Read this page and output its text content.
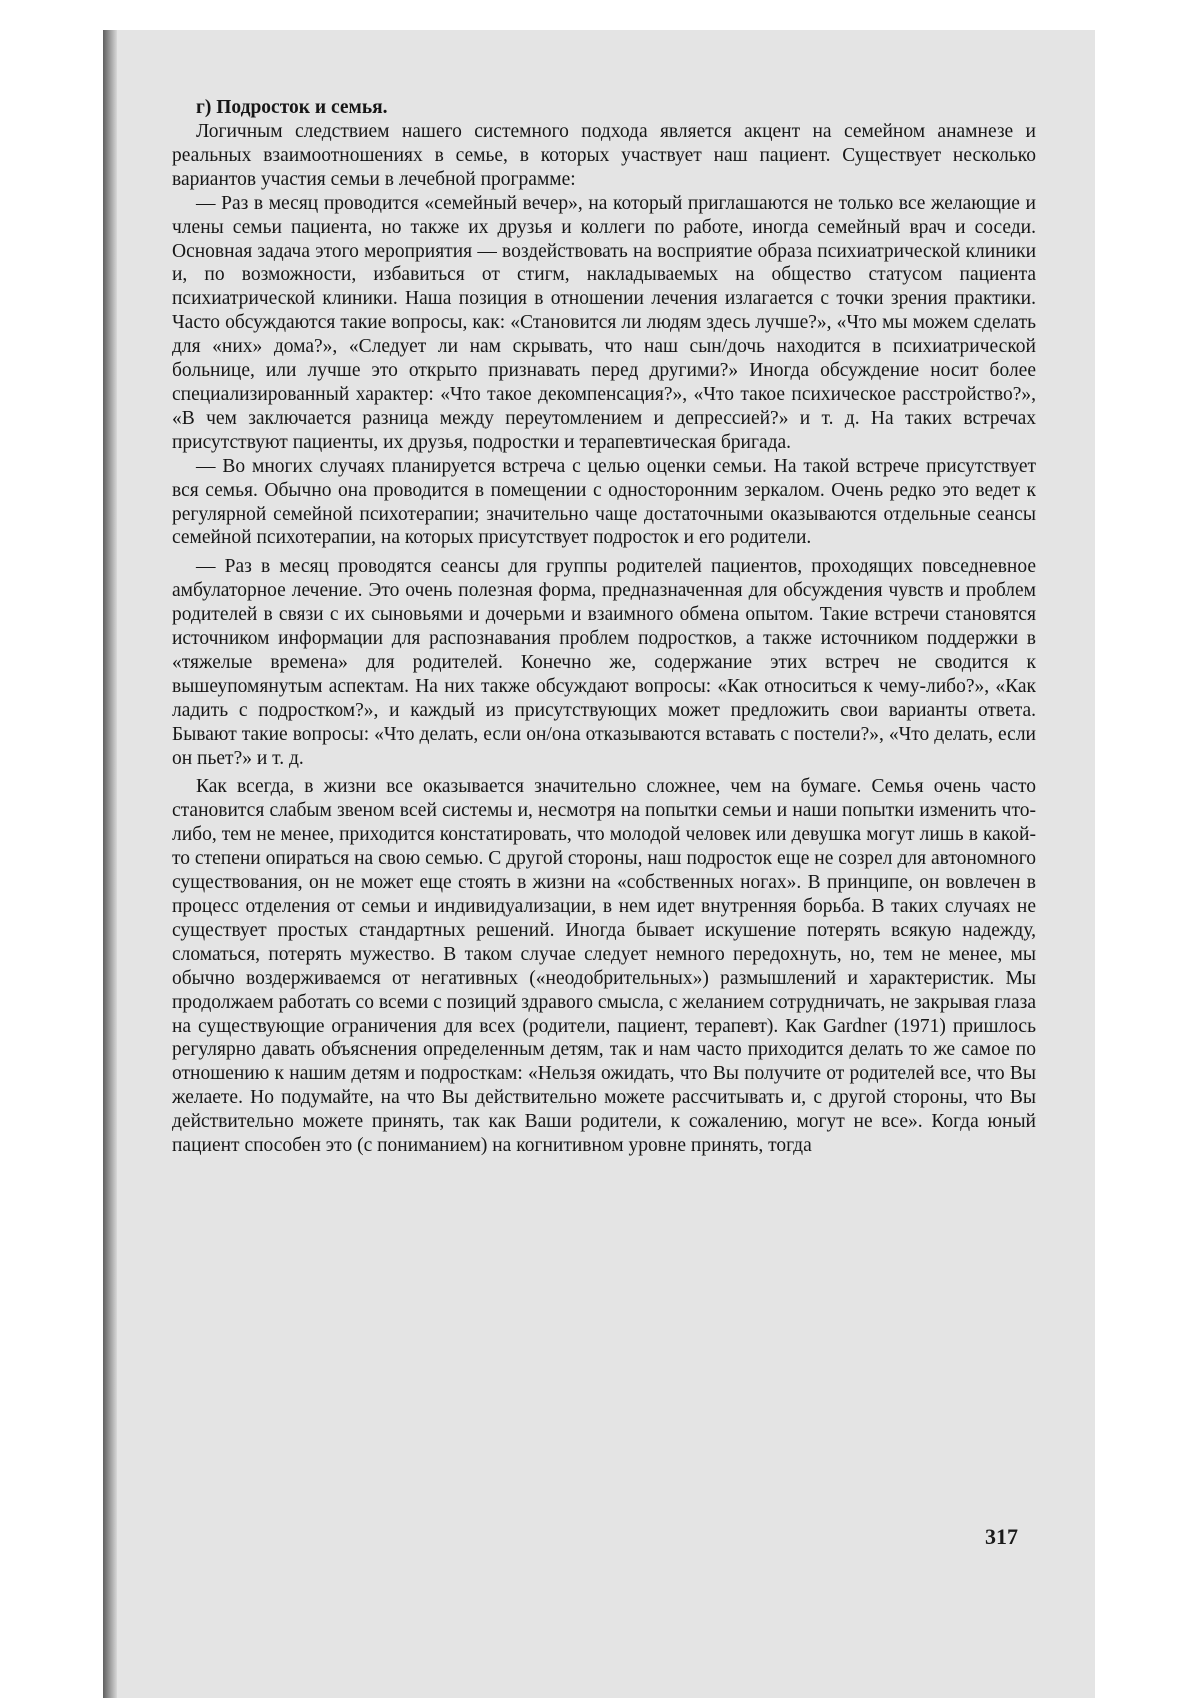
г) Подросток и семья.

Логичным следствием нашего системного подхода является акцент на семейном анамнезе и реальных взаимоотношениях в семье, в которых участвует наш пациент. Существует несколько вариантов участия семьи в лечебной программе:

— Раз в месяц проводится «семейный вечер», на который приглашаются не только все желающие и члены семьи пациента, но также их друзья и коллеги по работе, иногда семейный врач и соседи. Основная задача этого мероприятия — воздействовать на восприятие образа психиатрической клиники и, по возможности, избавиться от стигм, накладываемых на общество статусом пациента психиатрической клиники. Наша позиция в отношении лечения излагается с точки зрения практики. Часто обсуждаются такие вопросы, как: «Становится ли людям здесь лучше?», «Что мы можем сделать для «них» дома?», «Следует ли нам скрывать, что наш сын/дочь находится в психиатрической больнице, или лучше это открыто признавать перед другими?» Иногда обсуждение носит более специализированный характер: «Что такое декомпенсация?», «Что такое психическое расстройство?», «В чем заключается разница между переутомлением и депрессией?» и т. д. На таких встречах присутствуют пациенты, их друзья, подростки и терапевтическая бригада.

— Во многих случаях планируется встреча с целью оценки семьи. На такой встрече присутствует вся семья. Обычно она проводится в помещении с односторонним зеркалом. Очень редко это ведет к регулярной семейной психотерапии; значительно чаще достаточными оказываются отдельные сеансы семейной психотерапии, на которых присутствует подросток и его родители.

— Раз в месяц проводятся сеансы для группы родителей пациентов, проходящих повседневное амбулаторное лечение. Это очень полезная форма, предназначенная для обсуждения чувств и проблем родителей в связи с их сыновьями и дочерьми и взаимного обмена опытом. Такие встречи становятся источником информации для распознавания проблем подростков, а также источником поддержки в «тяжелые времена» для родителей. Конечно же, содержание этих встреч не сводится к вышеупомянутым аспектам. На них также обсуждают вопросы: «Как относиться к чему-либо?», «Как ладить с подростком?», и каждый из присутствующих может предложить свои варианты ответа. Бывают такие вопросы: «Что делать, если он/она отказываются вставать с постели?», «Что делать, если он пьет?» и т. д.

Как всегда, в жизни все оказывается значительно сложнее, чем на бумаге. Семья очень часто становится слабым звеном всей системы и, несмотря на попытки семьи и наши попытки изменить что-либо, тем не менее, приходится констатировать, что молодой человек или девушка могут лишь в какой-то степени опираться на свою семью. С другой стороны, наш подросток еще не созрел для автономного существования, он не может еще стоять в жизни на «собственных ногах». В принципе, он вовлечен в процесс отделения от семьи и индивидуализации, в нем идет внутренняя борьба. В таких случаях не существует простых стандартных решений. Иногда бывает искушение потерять всякую надежду, сломаться, потерять мужество. В таком случае следует немного передохнуть, но, тем не менее, мы обычно воздерживаемся от негативных («неодобрительных») размышлений и характеристик. Мы продолжаем работать со всеми с позиций здравого смысла, с желанием сотрудничать, не закрывая глаза на существующие ограничения для всех (родители, пациент, терапевт). Как Gardner (1971) пришлось регулярно давать объяснения определенным детям, так и нам часто приходится делать то же самое по отношению к нашим детям и подросткам: «Нельзя ожидать, что Вы получите от родителей все, что Вы желаете. Но подумайте, на что Вы действительно можете рассчитывать и, с другой стороны, что Вы действительно можете принять, так как Ваши родители, к сожалению, могут не все». Когда юный пациент способен это (с пониманием) на когнитивном уровне принять, тогда

317
